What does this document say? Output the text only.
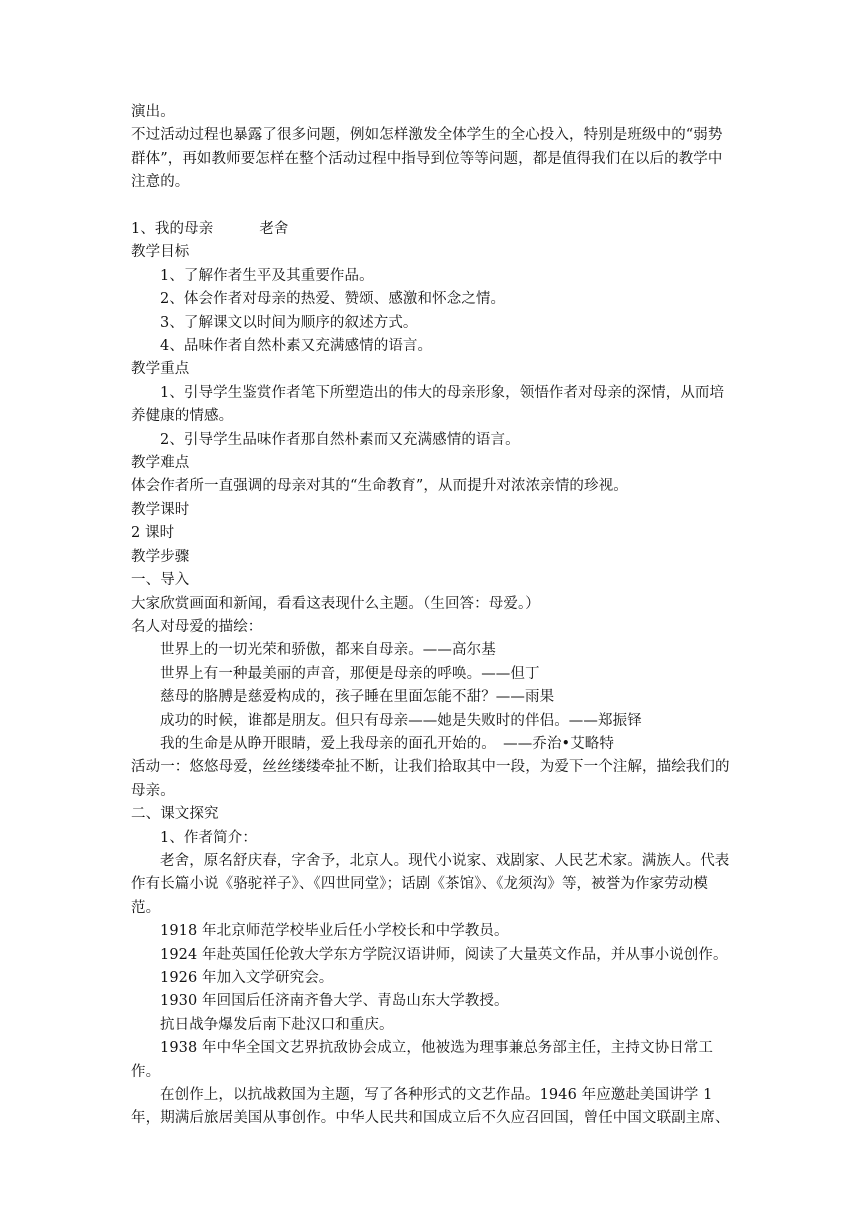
演出。

不过活动过程也暴露了很多问题，例如怎样激发全体学生的全心投入，特别是班级中的“弱势群体”，再如教师要怎样在整个活动过程中指导到位等等问题，都是值得我们在以后的教学中注意的。

1、我的母亲	老舍

教学目标

1、了解作者生平及其重要作品。

2、体会作者对母亲的热爱、赞颂、感激和怀念之情。

3、了解课文以时间为顺序的叙述方式。

4、品味作者自然朴素又充满感情的语言。

教学重点

1、引导学生鉴赏作者笔下所塑造出的伟大的母亲形象，领悟作者对母亲的深情，从而培养健康的情感。

2、引导学生品味作者那自然朴素而又充满感情的语言。

教学难点

体会作者所一直强调的母亲对其的“生命教育”，从而提升对浓浓亲情的珍视。

教学课时

2 课时

教学步骤

一、导入

大家欣赏画面和新闻，看看这表现什么主题。（生回答：母爱。）

名人对母爱的描绘：

世界上的一切光荣和骄傲，都来自母亲。——高尔基

世界上有一种最美丽的声音，那便是母亲的呼唤。——但丁

慈母的胳膊是慈爱构成的，孩子睡在里面怎能不甜？——雨果

成功的时候，谁都是朋友。但只有母亲——她是失败时的伴侣。——郑振铎

我的生命是从睁开眼睛，爱上我母亲的面孔开始的。　——乔治•艾略特

活动一：悠悠母爱，丝丝缕缕牵扯不断，让我们拾取其中一段，为爱下一个注解，描绘我们的母亲。

二、课文探究

1、作者简介：

老舍，原名舒庆春，字舍予，北京人。现代小说家、戏剧家、人民艺术家。满族人。代表作有长篇小说《骆驼祥子》、《四世同堂》；话剧《茶馆》、《龙须沟》等，被誉为作家劳动模范。

1918 年北京师范学校毕业后任小学校长和中学教员。

1924 年赴英国任伦敦大学东方学院汉语讲师，阅读了大量英文作品，并从事小说创作。

1926 年加入文学研究会。

1930 年回国后任济南齐鲁大学、青岛山东大学教授。

抗日战争爆发后南下赴汉口和重庆。

1938 年中华全国文艺界抗敌协会成立，他被选为理事兼总务部主任，主持文协日常工作。

在创作上，以抗战救国为主题，写了各种形式的文艺作品。1946 年应邀赴美国讲学 1 年，期满后旅居美国从事创作。中华人民共和国成立后不久应召回国，曾任中国文联副主席、
